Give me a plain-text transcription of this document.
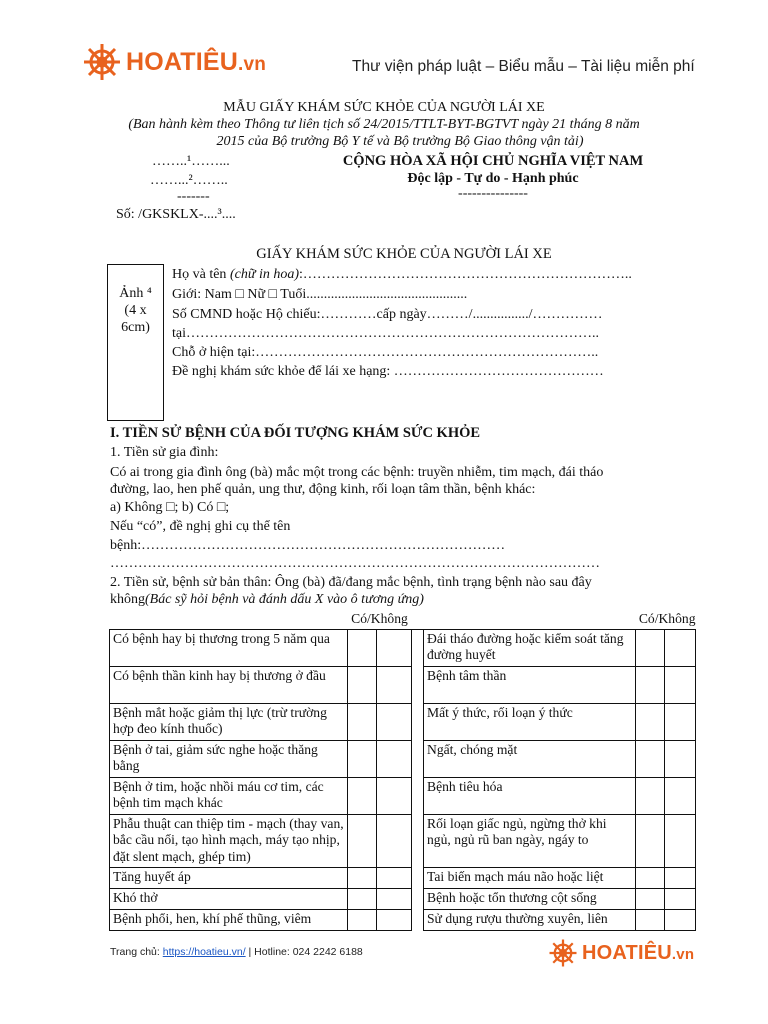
HOATIÊU.vn	Thư viện pháp luật – Biểu mẫu – Tài liệu miễn phí
MẪU GIẤY KHÁM SỨC KHỎE CỦA NGƯỜI LÁI XE
(Ban hành kèm theo Thông tư liên tịch số 24/2015/TTLT-BYT-BGTVT ngày 21 tháng 8 năm
2015 của Bộ trưởng Bộ Y tế và Bộ trưởng Bộ Giao thông vận tải)
……..¹……...
……...²……..
-------
Số: /GKSKLX-....³....
CỘNG HÒA XÃ HỘI CHỦ NGHĨA VIỆT NAM
Độc lập - Tự do - Hạnh phúc
---------------
GIẤY KHÁM SỨC KHỎE CỦA NGƯỜI LÁI XE
Ảnh ⁴
(4 x
6cm)
Họ và tên (chữ in hoa):……………………………………………………………..
Giới: Nam □ Nữ □ Tuổi..............................................
Số CMND hoặc Hộ chiếu:…………cấp ngày………/................/……………
tại……………………………………………………………………………..
Chỗ ở hiện tại:………………………………………………………………..
Đề nghị khám sức khỏe để lái xe hạng: ………………………………………
I. TIỀN SỬ BỆNH CỦA ĐỐI TƯỢNG KHÁM SỨC KHỎE
1. Tiền sử gia đình:
Có ai trong gia đình ông (bà) mắc một trong các bệnh: truyền nhiễm, tim mạch, đái tháo
đường, lao, hen phế quản, ung thư, động kinh, rối loạn tâm thần, bệnh khác:
a) Không □; b) Có □;
Nếu “có”, đề nghị ghi cụ thể tên
bệnh:……………………………………………………………………
……………………………………………………………………………………………
2. Tiền sử, bệnh sử bản thân: Ông (bà) đã/đang mắc bệnh, tình trạng bệnh nào sau đây
không(Bác sỹ hỏi bệnh và đánh dấu X vào ô tương ứng)
	Có/Không				Có/Không	
Có bệnh hay bị thương trong 5 năm qua				Đái tháo đường hoặc kiểm soát tăng đường huyết		
Có bệnh thần kinh hay bị thương ở đầu				Bệnh tâm thần		
Bệnh mắt hoặc giảm thị lực (trừ trường hợp đeo kính thuốc)				Mất ý thức, rối loạn ý thức		
Bệnh ở tai, giảm sức nghe hoặc thăng bằng				Ngất, chóng mặt		
Bệnh ở tim, hoặc nhồi máu cơ tim, các bệnh tim mạch khác				Bệnh tiêu hóa		
Phẫu thuật can thiệp tim - mạch (thay van, bắc cầu nối, tạo hình mạch, máy tạo nhịp, đặt slent mạch, ghép tim)				Rối loạn giấc ngủ, ngừng thở khi ngủ, ngủ rũ ban ngày, ngáy to		
Tăng huyết áp				Tai biến mạch máu não hoặc liệt		
Khó thở				Bệnh hoặc tổn thương cột sống		
Bệnh phổi, hen, khí phế thũng, viêm				Sử dụng rượu thường xuyên, liên		
Trang chủ: https://hoatieu.vn/ | Hotline: 024 2242 6188	HOATIÊU.vn
